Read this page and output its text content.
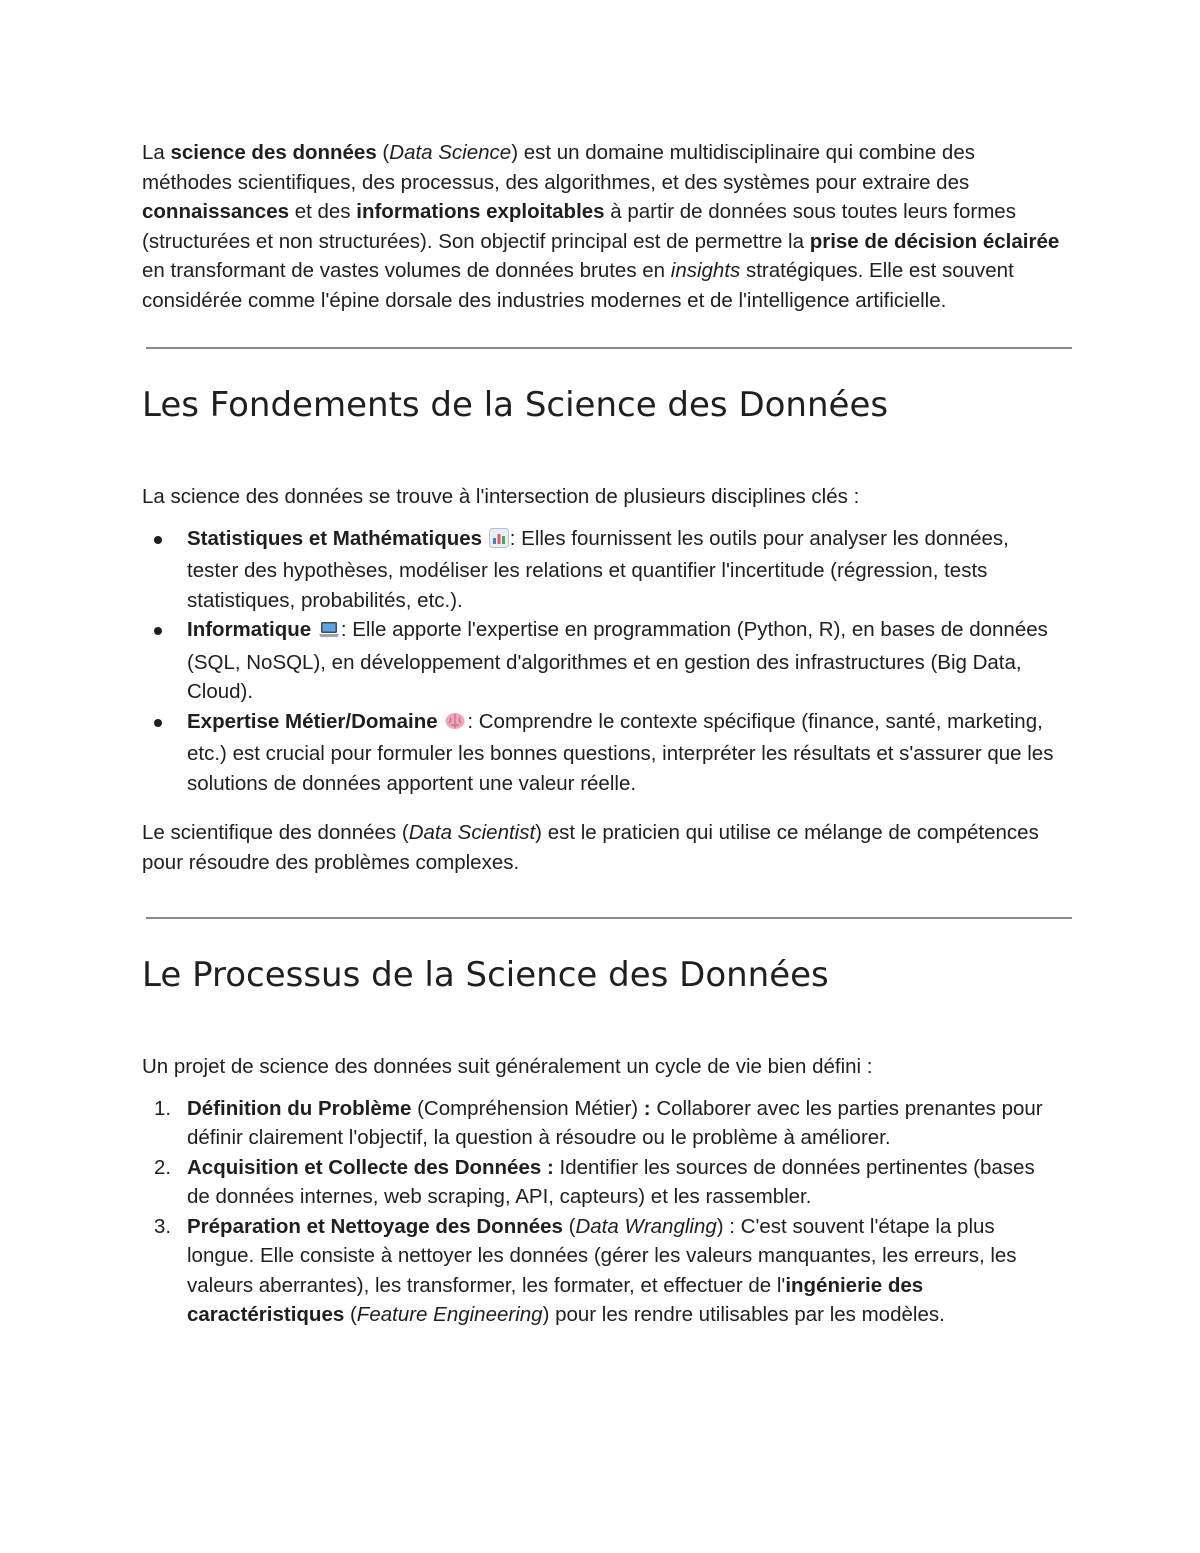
La science des données (Data Science) est un domaine multidisciplinaire qui combine des méthodes scientifiques, des processus, des algorithmes, et des systèmes pour extraire des connaissances et des informations exploitables à partir de données sous toutes leurs formes (structurées et non structurées). Son objectif principal est de permettre la prise de décision éclairée en transformant de vastes volumes de données brutes en insights stratégiques. Elle est souvent considérée comme l'épine dorsale des industries modernes et de l'intelligence artificielle.

Les Fondements de la Science des Données

La science des données se trouve à l'intersection de plusieurs disciplines clés :

Statistiques et Mathématiques : Elles fournissent les outils pour analyser les données, tester des hypothèses, modéliser les relations et quantifier l'incertitude (régression, tests statistiques, probabilités, etc.).
Informatique : Elle apporte l'expertise en programmation (Python, R), en bases de données (SQL, NoSQL), en développement d'algorithmes et en gestion des infrastructures (Big Data, Cloud).
Expertise Métier/Domaine : Comprendre le contexte spécifique (finance, santé, marketing, etc.) est crucial pour formuler les bonnes questions, interpréter les résultats et s'assurer que les solutions de données apportent une valeur réelle.

Le scientifique des données (Data Scientist) est le praticien qui utilise ce mélange de compétences pour résoudre des problèmes complexes.

Le Processus de la Science des Données

Un projet de science des données suit généralement un cycle de vie bien défini :

1. Définition du Problème (Compréhension Métier) : Collaborer avec les parties prenantes pour définir clairement l'objectif, la question à résoudre ou le problème à améliorer.
2. Acquisition et Collecte des Données : Identifier les sources de données pertinentes (bases de données internes, web scraping, API, capteurs) et les rassembler.
3. Préparation et Nettoyage des Données (Data Wrangling) : C'est souvent l'étape la plus longue. Elle consiste à nettoyer les données (gérer les valeurs manquantes, les erreurs, les valeurs aberrantes), les transformer, les formater, et effectuer de l'ingénierie des caractéristiques (Feature Engineering) pour les rendre utilisables par les modèles.
